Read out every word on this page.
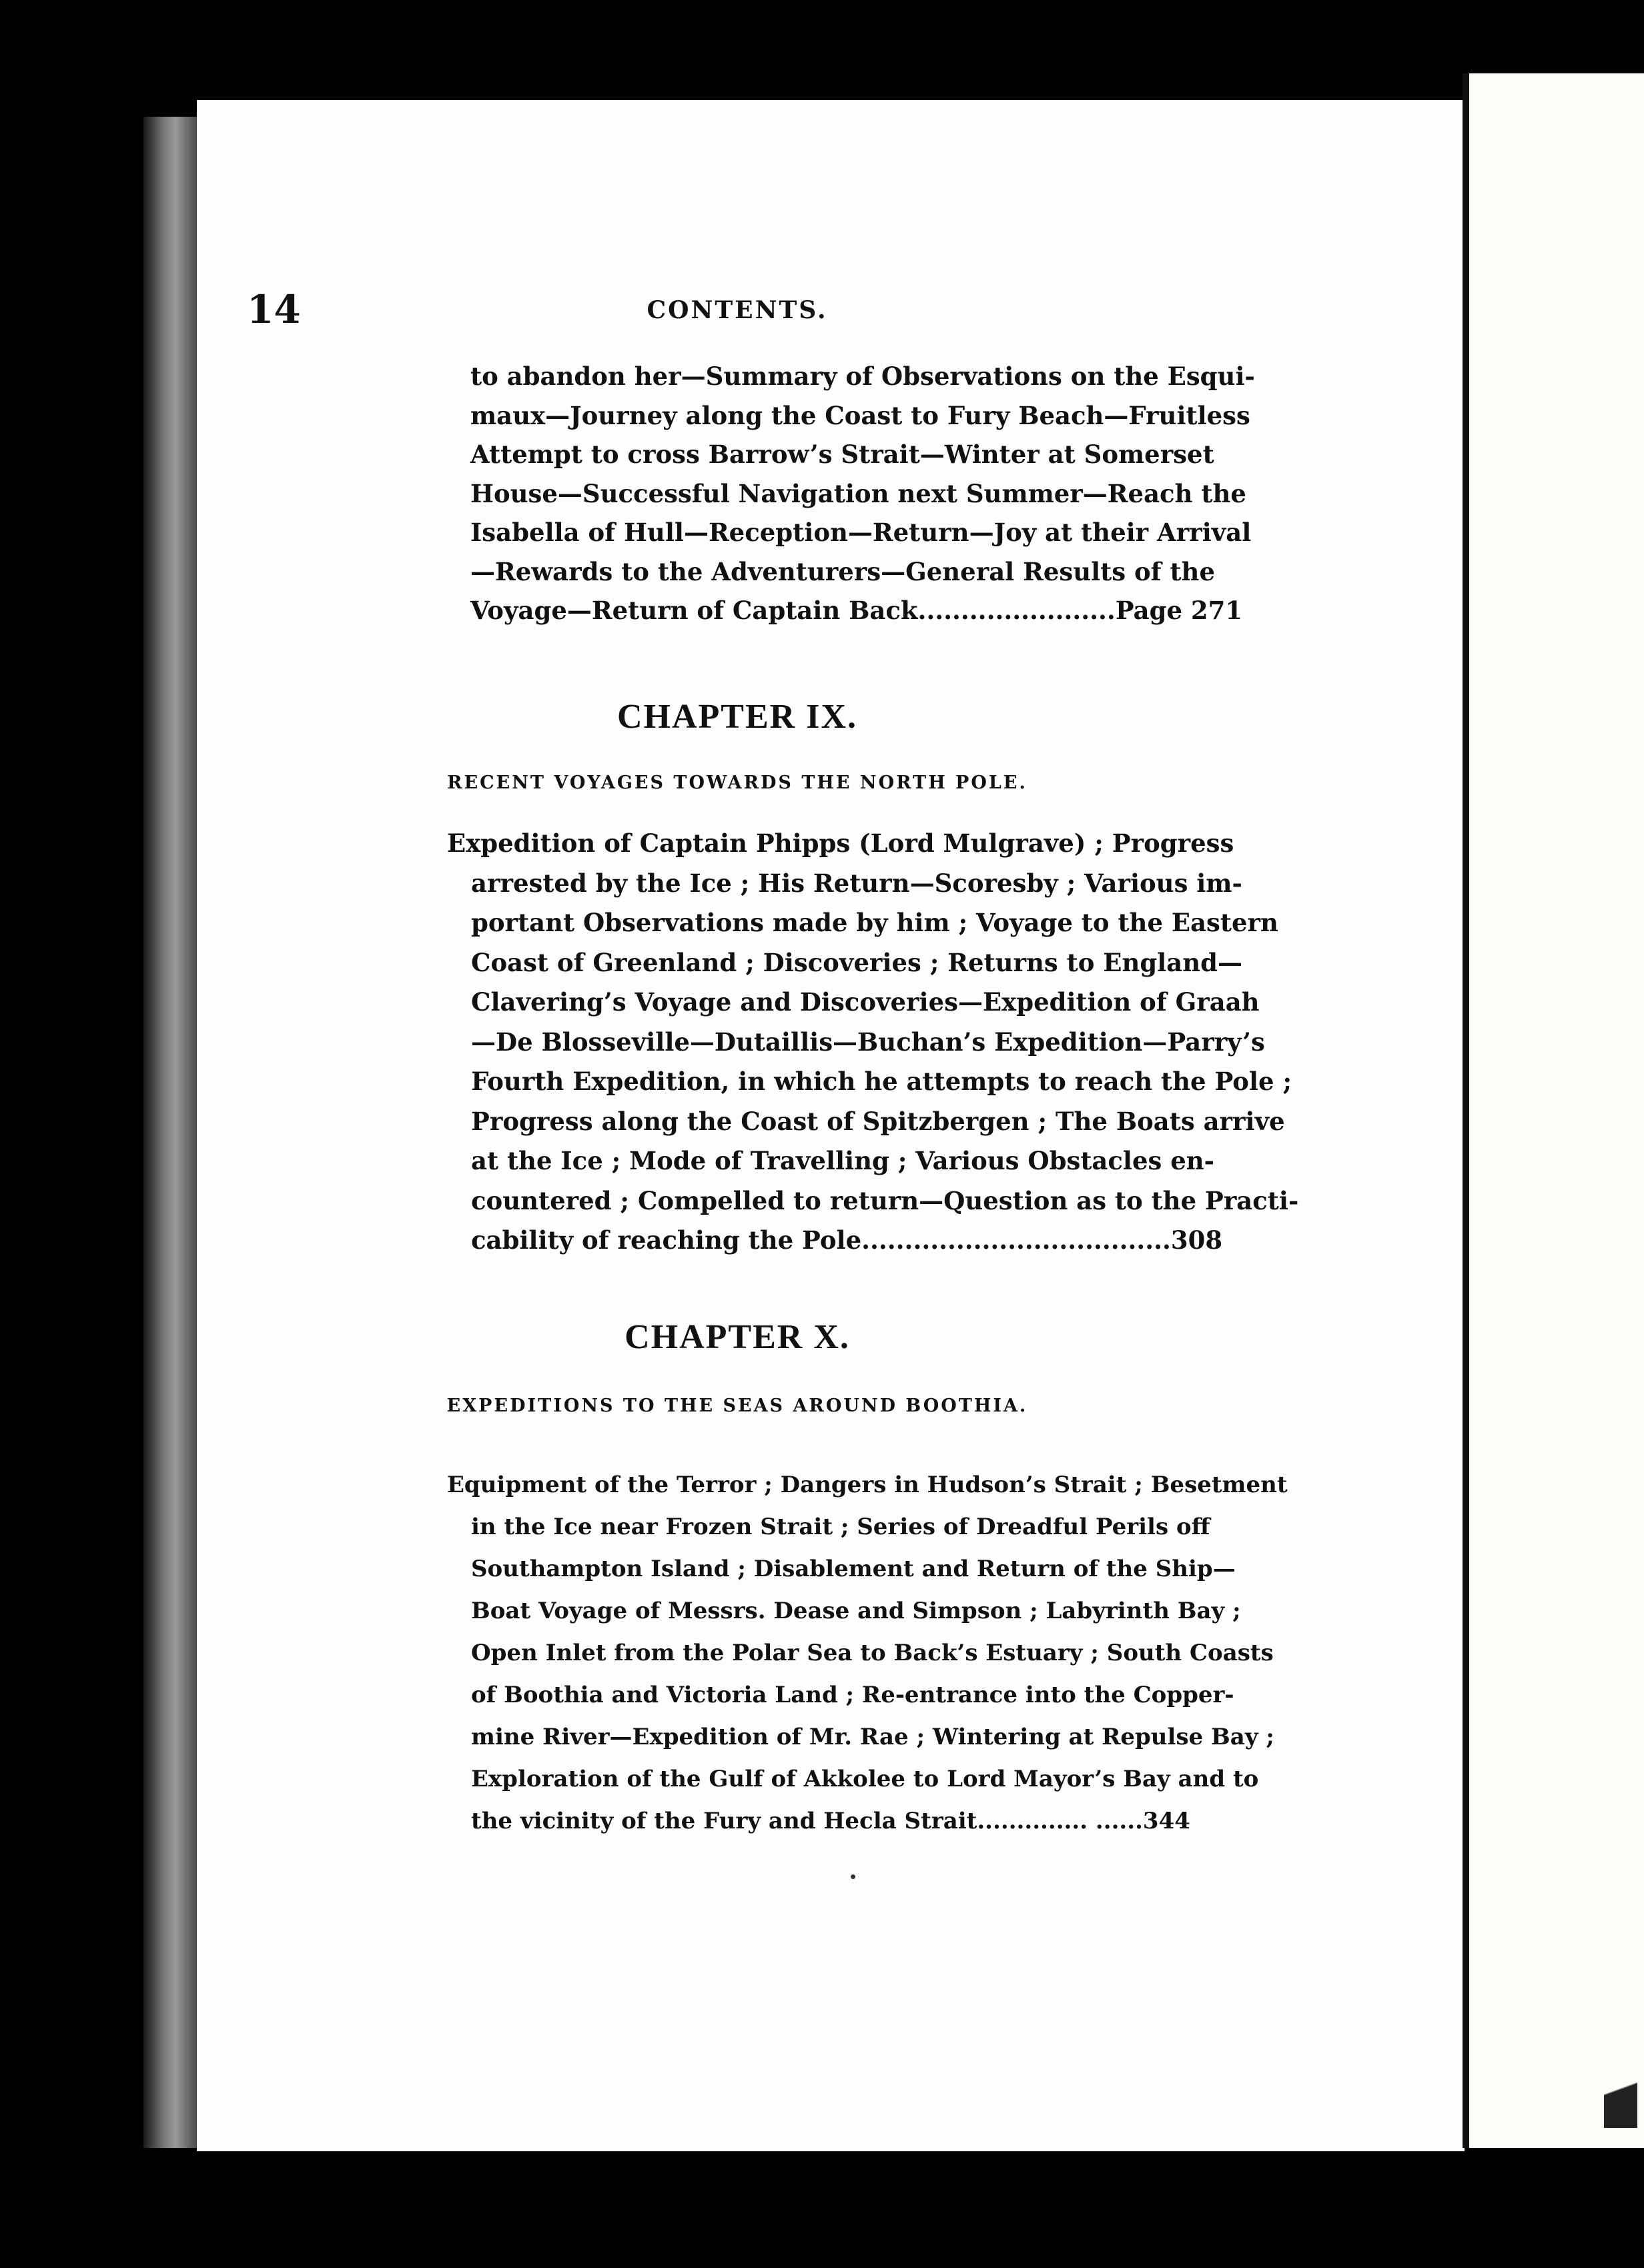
14	CONTENTS.
to abandon her—Summary of Observations on the Esqui-
maux—Journey along the Coast to Fury Beach—Fruitless
Attempt to cross Barrow’s Strait—Winter at Somerset
House—Successful Navigation next Summer—Reach the
Isabella of Hull—Reception—Return—Joy at their Arrival
—Rewards to the Adventurers—General Results of the
Voyage—Return of Captain Back.......................Page 271
CHAPTER IX.
RECENT VOYAGES TOWARDS THE NORTH POLE.
Expedition of Captain Phipps (Lord Mulgrave) ; Progress
arrested by the Ice ; His Return—Scoresby ; Various im-
portant Observations made by him ; Voyage to the Eastern
Coast of Greenland ; Discoveries ; Returns to England—
Clavering’s Voyage and Discoveries—Expedition of Graah
—De Blosseville—Dutaillis—Buchan’s Expedition—Parry’s
Fourth Expedition, in which he attempts to reach the Pole ;
Progress along the Coast of Spitzbergen ; The Boats arrive
at the Ice ; Mode of Travelling ; Various Obstacles en-
countered ; Compelled to return—Question as to the Practi-
cability of reaching the Pole....................................308
CHAPTER X.
EXPEDITIONS TO THE SEAS AROUND BOOTHIA.
Equipment of the Terror ; Dangers in Hudson’s Strait ; Besetment
in the Ice near Frozen Strait ; Series of Dreadful Perils off
Southampton Island ; Disablement and Return of the Ship—
Boat Voyage of Messrs. Dease and Simpson ; Labyrinth Bay ;
Open Inlet from the Polar Sea to Back’s Estuary ; South Coasts
of Boothia and Victoria Land ; Re-entrance into the Copper-
mine River—Expedition of Mr. Rae ; Wintering at Repulse Bay ;
Exploration of the Gulf of Akkolee to Lord Mayor’s Bay and to
the vicinity of the Fury and Hecla Strait.............. ......344
